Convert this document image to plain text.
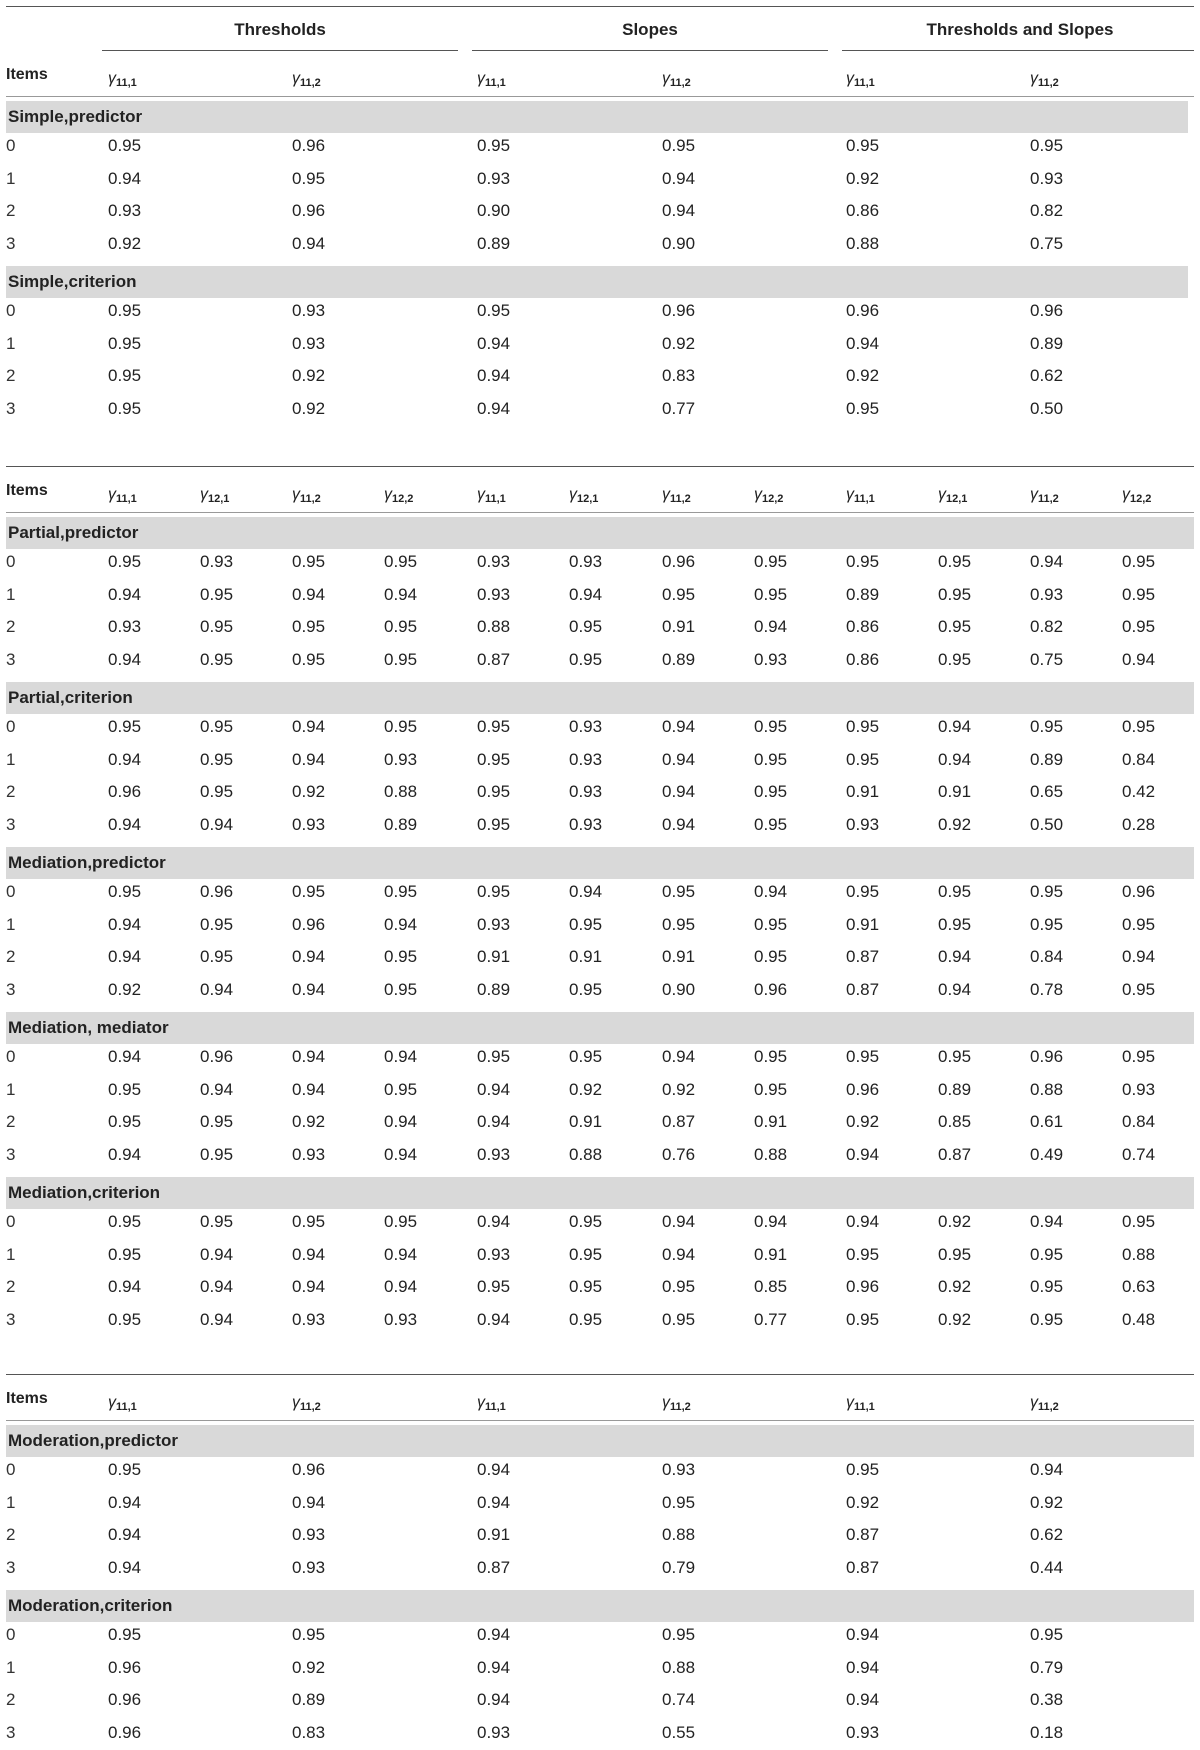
Thresholds	Slopes	Thresholds and Slopes
Items	$\gamma_{11,1}$	$\gamma_{11,2}$	$\gamma_{11,1}$	$\gamma_{11,2}$	$\gamma_{11,1}$	$\gamma_{11,2}$
Simple,predictor
0	0.95	0.96	0.95	0.95	0.95	0.95
1	0.94	0.95	0.93	0.94	0.92	0.93
2	0.93	0.96	0.90	0.94	0.86	0.82
3	0.92	0.94	0.89	0.90	0.88	0.75
Simple,criterion
0	0.95	0.93	0.95	0.96	0.96	0.96
1	0.95	0.93	0.94	0.92	0.94	0.89
2	0.95	0.92	0.94	0.83	0.92	0.62
3	0.95	0.92	0.94	0.77	0.95	0.50
Items	$\gamma_{11,1}$	$\gamma_{12,1}$	$\gamma_{11,2}$	$\gamma_{12,2}$	$\gamma_{11,1}$	$\gamma_{12,1}$	$\gamma_{11,2}$	$\gamma_{12,2}$	$\gamma_{11,1}$	$\gamma_{12,1}$	$\gamma_{11,2}$	$\gamma_{12,2}$
Partial,predictor
0	0.95	0.93	0.95	0.95	0.93	0.93	0.96	0.95	0.95	0.95	0.94	0.95
1	0.94	0.95	0.94	0.94	0.93	0.94	0.95	0.95	0.89	0.95	0.93	0.95
2	0.93	0.95	0.95	0.95	0.88	0.95	0.91	0.94	0.86	0.95	0.82	0.95
3	0.94	0.95	0.95	0.95	0.87	0.95	0.89	0.93	0.86	0.95	0.75	0.94
Partial,criterion
0	0.95	0.95	0.94	0.95	0.95	0.93	0.94	0.95	0.95	0.94	0.95	0.95
1	0.94	0.95	0.94	0.93	0.95	0.93	0.94	0.95	0.95	0.94	0.89	0.84
2	0.96	0.95	0.92	0.88	0.95	0.93	0.94	0.95	0.91	0.91	0.65	0.42
3	0.94	0.94	0.93	0.89	0.95	0.93	0.94	0.95	0.93	0.92	0.50	0.28
Mediation,predictor
0	0.95	0.96	0.95	0.95	0.95	0.94	0.95	0.94	0.95	0.95	0.95	0.96
1	0.94	0.95	0.96	0.94	0.93	0.95	0.95	0.95	0.91	0.95	0.95	0.95
2	0.94	0.95	0.94	0.95	0.91	0.91	0.91	0.95	0.87	0.94	0.84	0.94
3	0.92	0.94	0.94	0.95	0.89	0.95	0.90	0.96	0.87	0.94	0.78	0.95
Mediation, mediator
0	0.94	0.96	0.94	0.94	0.95	0.95	0.94	0.95	0.95	0.95	0.96	0.95
1	0.95	0.94	0.94	0.95	0.94	0.92	0.92	0.95	0.96	0.89	0.88	0.93
2	0.95	0.95	0.92	0.94	0.94	0.91	0.87	0.91	0.92	0.85	0.61	0.84
3	0.94	0.95	0.93	0.94	0.93	0.88	0.76	0.88	0.94	0.87	0.49	0.74
Mediation,criterion
0	0.95	0.95	0.95	0.95	0.94	0.95	0.94	0.94	0.94	0.92	0.94	0.95
1	0.95	0.94	0.94	0.94	0.93	0.95	0.94	0.91	0.95	0.95	0.95	0.88
2	0.94	0.94	0.94	0.94	0.95	0.95	0.95	0.85	0.96	0.92	0.95	0.63
3	0.95	0.94	0.93	0.93	0.94	0.95	0.95	0.77	0.95	0.92	0.95	0.48
Items	$\gamma_{11,1}$	$\gamma_{11,2}$	$\gamma_{11,1}$	$\gamma_{11,2}$	$\gamma_{11,1}$	$\gamma_{11,2}$
Moderation,predictor
0	0.95	0.96	0.94	0.93	0.95	0.94
1	0.94	0.94	0.94	0.95	0.92	0.92
2	0.94	0.93	0.91	0.88	0.87	0.62
3	0.94	0.93	0.87	0.79	0.87	0.44
Moderation,criterion
0	0.95	0.95	0.94	0.95	0.94	0.95
1	0.96	0.92	0.94	0.88	0.94	0.79
2	0.96	0.89	0.94	0.74	0.94	0.38
3	0.96	0.83	0.93	0.55	0.93	0.18
